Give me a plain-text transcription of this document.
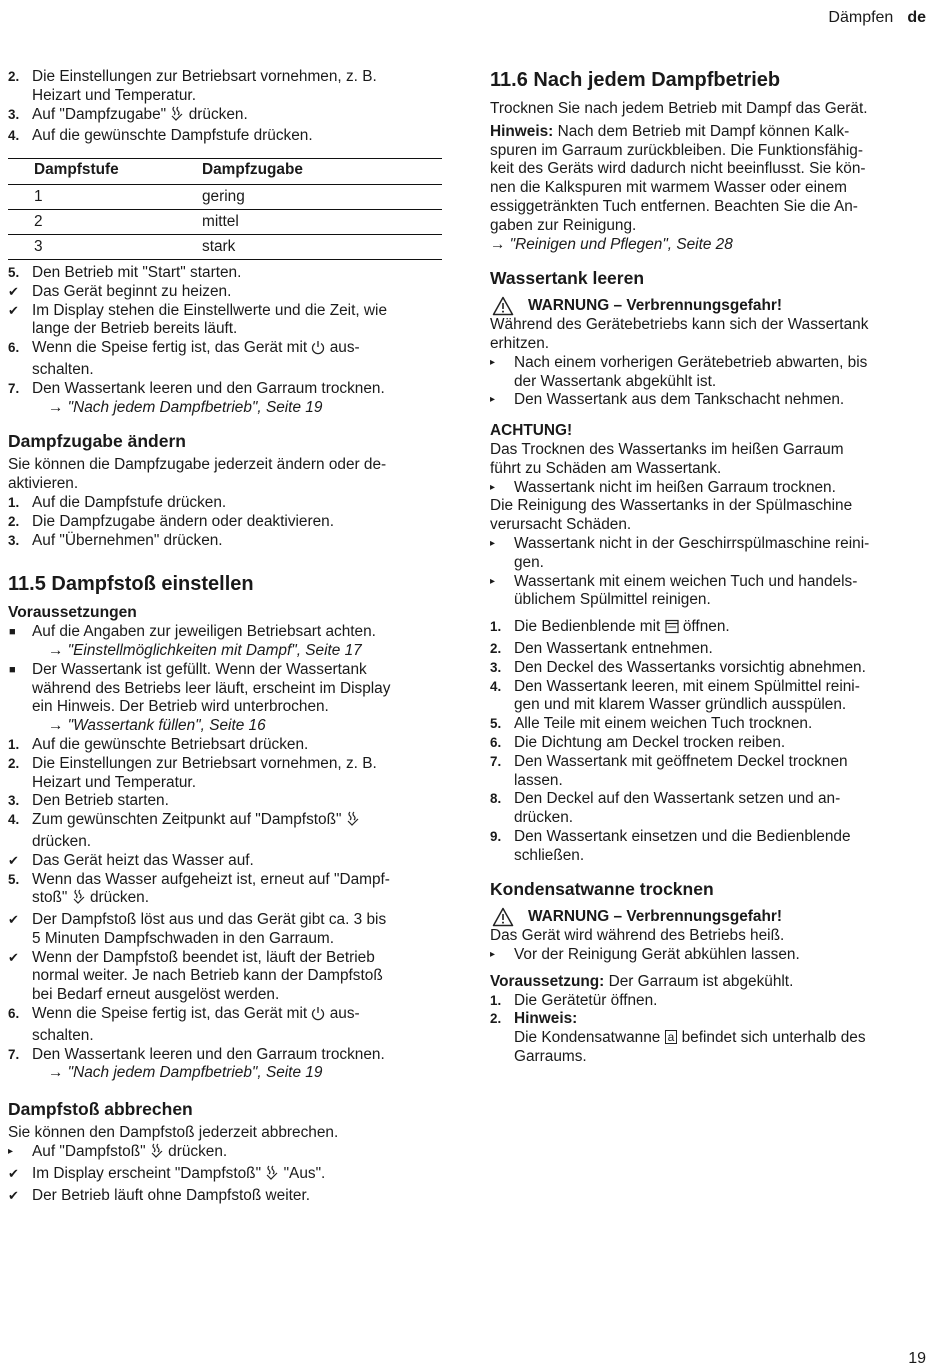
Dämpfen de
2. Die Einstellungen zur Betriebsart vornehmen, z. B.
Heizart und Temperatur.
3. Auf "Dampfzugabe" drücken.
4. Auf die gewünschte Dampfstufe drücken.
Dampfstufe	Dampfzugabe
1	gering
2	mittel
3	stark
5. Den Betrieb mit "Start" starten.
✔ Das Gerät beginnt zu heizen.
✔ Im Display stehen die Einstellwerte und die Zeit, wie
lange der Betrieb bereits läuft.
6. Wenn die Speise fertig ist, das Gerät mit aus-
schalten.
7. Den Wassertank leeren und den Garraum trocknen.
→ "Nach jedem Dampfbetrieb", Seite 19
Dampfzugabe ändern
Sie können die Dampfzugabe jederzeit ändern oder de-
aktivieren.
1. Auf die Dampfstufe drücken.
2. Die Dampfzugabe ändern oder deaktivieren.
3. Auf "Übernehmen" drücken.
11.5 Dampfstoß einstellen
Voraussetzungen
■ Auf die Angaben zur jeweiligen Betriebsart achten.
→ "Einstellmöglichkeiten mit Dampf", Seite 17
■ Der Wassertank ist gefüllt. Wenn der Wassertank
während des Betriebs leer läuft, erscheint im Display
ein Hinweis. Der Betrieb wird unterbrochen.
→ "Wassertank füllen", Seite 16
1. Auf die gewünschte Betriebsart drücken.
2. Die Einstellungen zur Betriebsart vornehmen, z. B.
Heizart und Temperatur.
3. Den Betrieb starten.
4. Zum gewünschten Zeitpunkt auf "Dampfstoß"
drücken.
✔ Das Gerät heizt das Wasser auf.
5. Wenn das Wasser aufgeheizt ist, erneut auf "Dampf-
stoß" drücken.
✔ Der Dampfstoß löst aus und das Gerät gibt ca. 3 bis
5 Minuten Dampfschwaden in den Garraum.
✔ Wenn der Dampfstoß beendet ist, läuft der Betrieb
normal weiter. Je nach Betrieb kann der Dampfstoß
bei Bedarf erneut ausgelöst werden.
6. Wenn die Speise fertig ist, das Gerät mit aus-
schalten.
7. Den Wassertank leeren und den Garraum trocknen.
→ "Nach jedem Dampfbetrieb", Seite 19
Dampfstoß abbrechen
Sie können den Dampfstoß jederzeit abbrechen.
▸ Auf "Dampfstoß" drücken.
✔ Im Display erscheint "Dampfstoß" "Aus".
✔ Der Betrieb läuft ohne Dampfstoß weiter.
11.6 Nach jedem Dampfbetrieb
Trocknen Sie nach jedem Betrieb mit Dampf das Gerät.
Hinweis: Nach dem Betrieb mit Dampf können Kalk-
spuren im Garraum zurückbleiben. Die Funktionsfähig-
keit des Geräts wird dadurch nicht beeinflusst. Sie kön-
nen die Kalkspuren mit warmem Wasser oder einem
essiggetränkten Tuch entfernen. Beachten Sie die An-
gaben zur Reinigung.
→ "Reinigen und Pflegen", Seite 28
Wassertank leeren
WARNUNG – Verbrennungsgefahr!
Während des Gerätebetriebs kann sich der Wassertank
erhitzen.
▸ Nach einem vorherigen Gerätebetrieb abwarten, bis
der Wassertank abgekühlt ist.
▸ Den Wassertank aus dem Tankschacht nehmen.
ACHTUNG!
Das Trocknen des Wassertanks im heißen Garraum
führt zu Schäden am Wassertank.
▸ Wassertank nicht im heißen Garraum trocknen.
Die Reinigung des Wassertanks in der Spülmaschine
verursacht Schäden.
▸ Wassertank nicht in der Geschirrspülmaschine reini-
gen.
▸ Wassertank mit einem weichen Tuch und handels-
üblichem Spülmittel reinigen.
1. Die Bedienblende mit öffnen.
2. Den Wassertank entnehmen.
3. Den Deckel des Wassertanks vorsichtig abnehmen.
4. Den Wassertank leeren, mit einem Spülmittel reini-
gen und mit klarem Wasser gründlich ausspülen.
5. Alle Teile mit einem weichen Tuch trocknen.
6. Die Dichtung am Deckel trocken reiben.
7. Den Wassertank mit geöffnetem Deckel trocknen
lassen.
8. Den Deckel auf den Wassertank setzen und an-
drücken.
9. Den Wassertank einsetzen und die Bedienblende
schließen.
Kondensatwanne trocknen
WARNUNG – Verbrennungsgefahr!
Das Gerät wird während des Betriebs heiß.
▸ Vor der Reinigung Gerät abkühlen lassen.
Voraussetzung: Der Garraum ist abgekühlt.
1. Die Gerätetür öffnen.
2. Hinweis:
Die Kondensatwanne a befindet sich unterhalb des
Garraums.
19
